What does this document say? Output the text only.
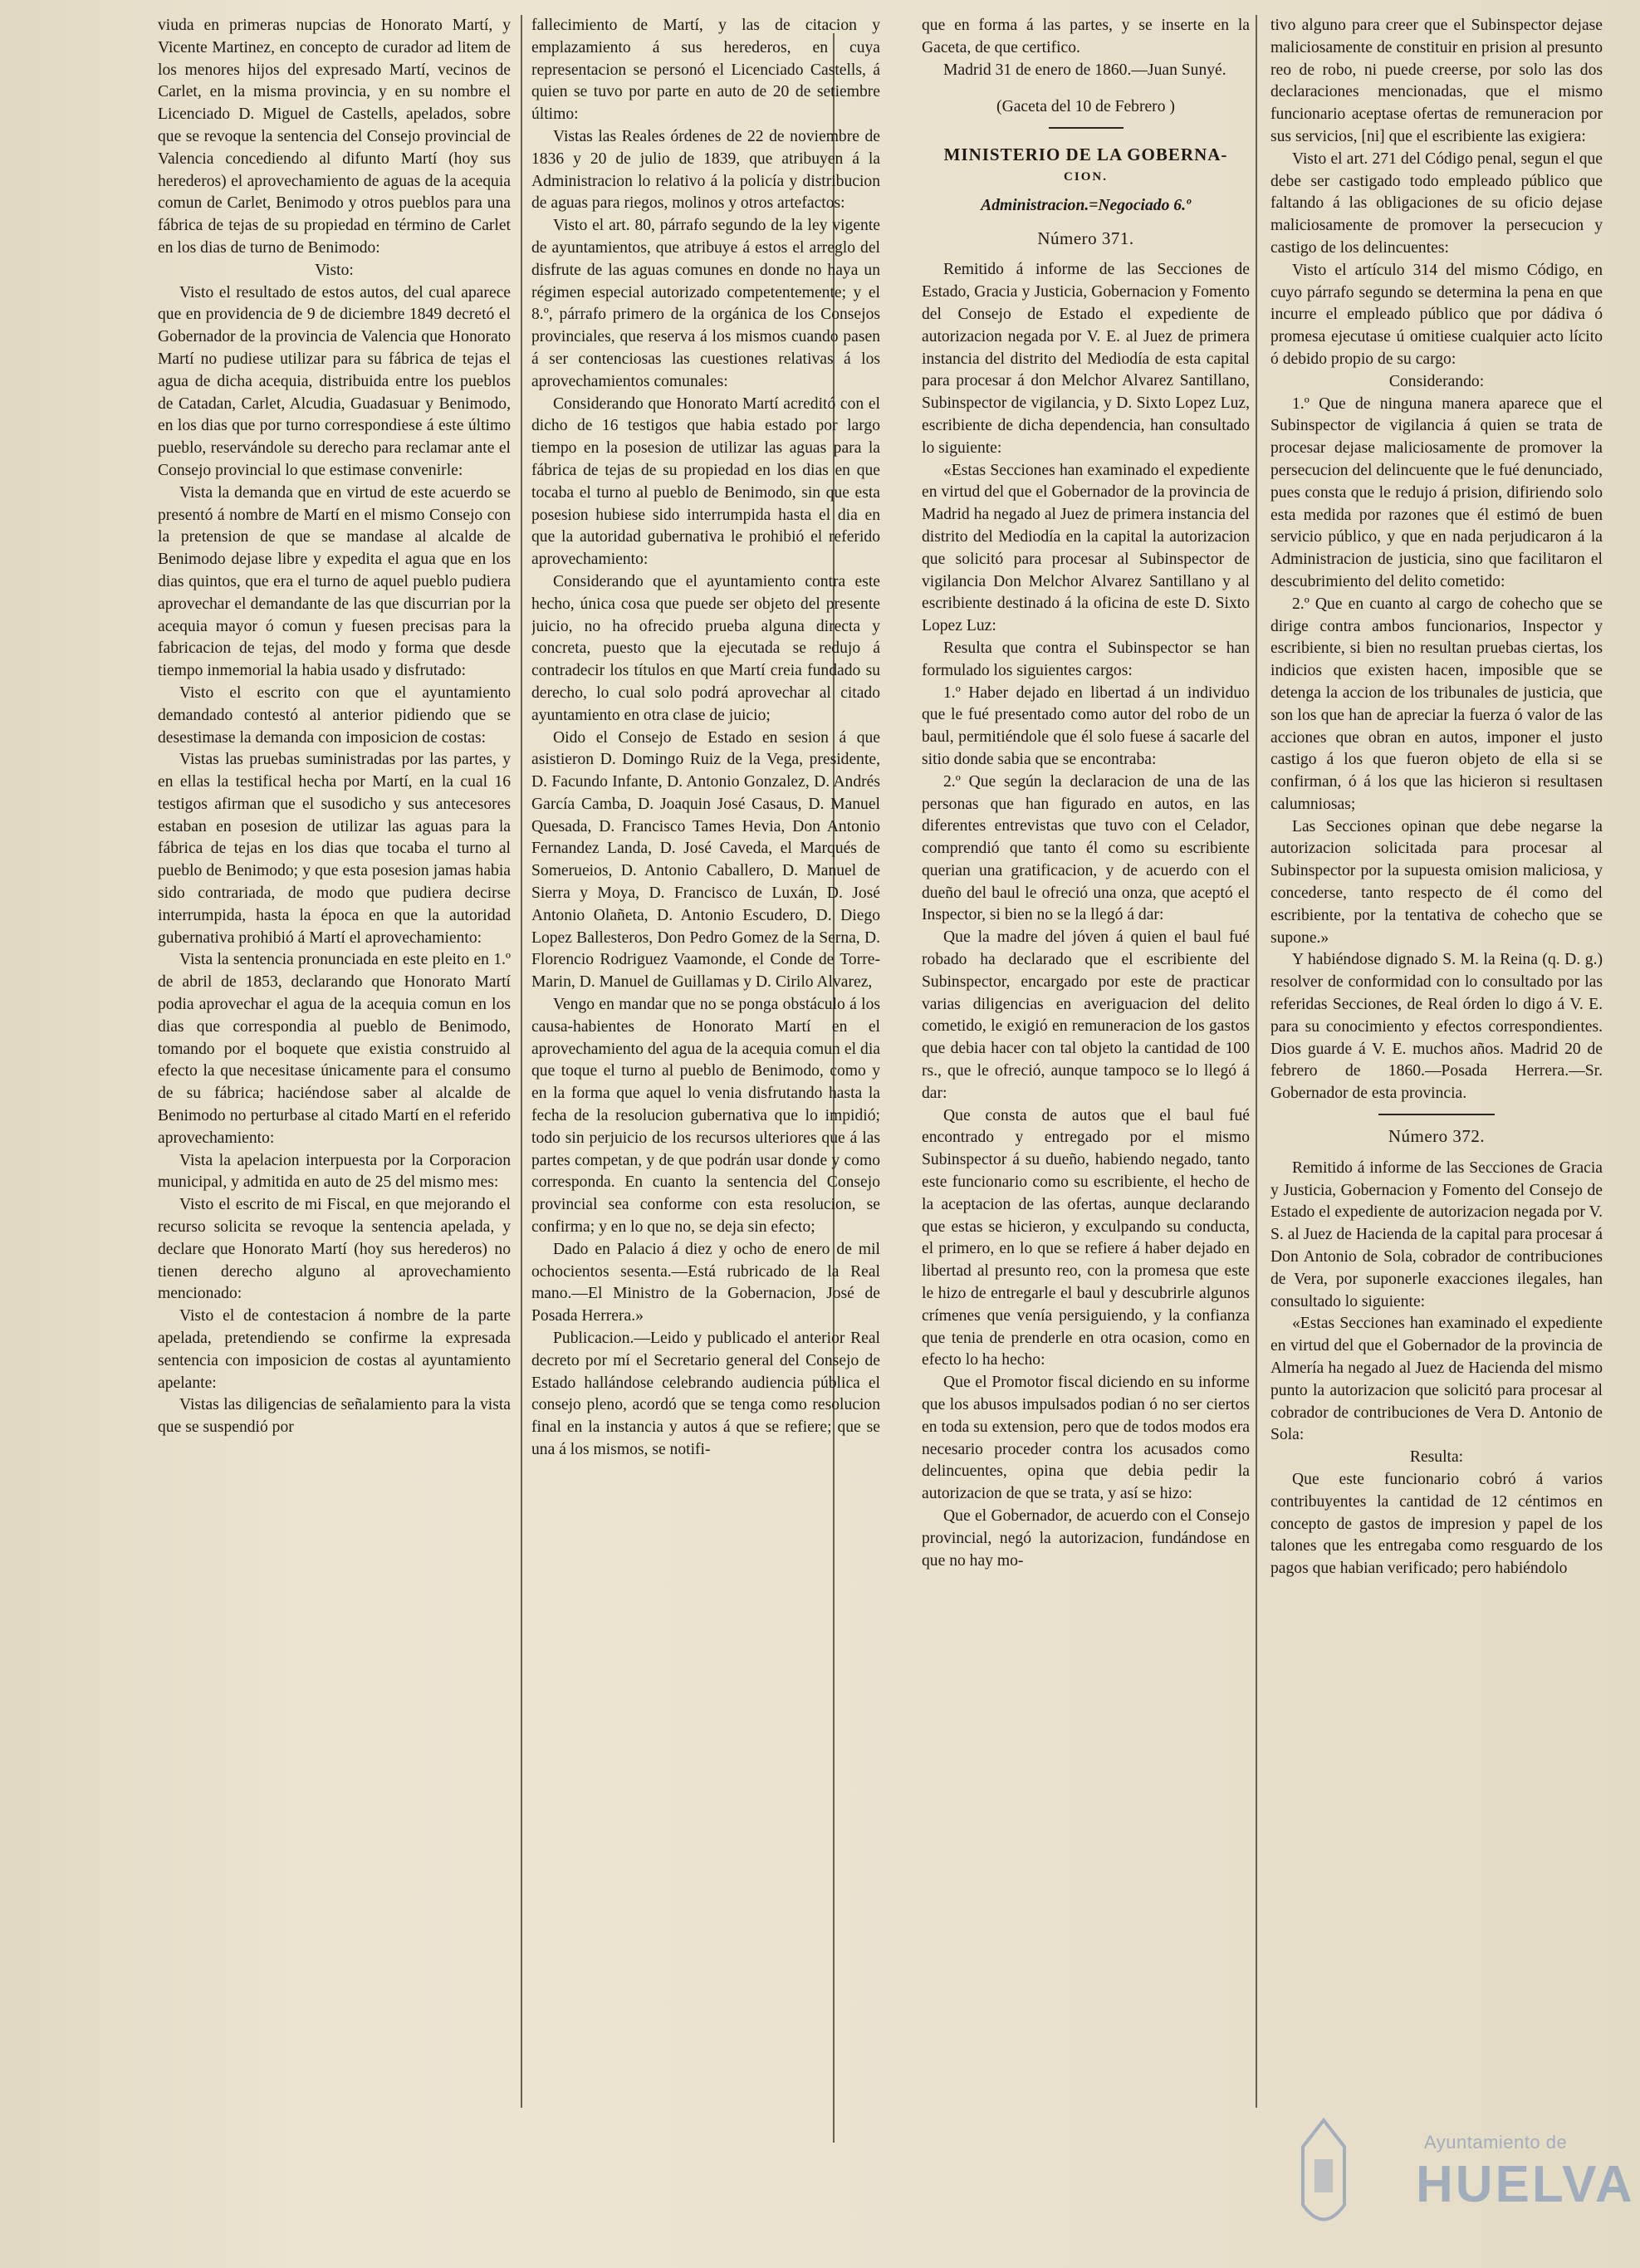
viuda en primeras nupcias de Honorato Martí, y Vicente Martinez, en concepto de curador ad litem de los menores hijos del expresado Martí, vecinos de Carlet, en la misma provincia, y en su nombre el Licenciado D. Miguel de Castells, apelados, sobre que se revoque la sentencia del Consejo provincial de Valencia concediendo al difunto Martí (hoy sus herederos) el aprovechamiento de aguas de la acequia comun de Carlet, Benimodo y otros pueblos para una fábrica de tejas de su propiedad en término de Carlet en los dias de turno de Benimodo:

Visto:

Visto el resultado de estos autos, del cual aparece que en providencia de 9 de diciembre 1849 decretó el Gobernador de la provincia de Valencia que Honorato Martí no pudiese utilizar para su fábrica de tejas el agua de dicha acequia, distribuida entre los pueblos de Catadan, Carlet, Alcudia, Guadasuar y Benimodo, en los dias que por turno correspondiese á este último pueblo, reservándole su derecho para reclamar ante el Consejo provincial lo que estimase convenirle:

Vista la demanda que en virtud de este acuerdo se presentó á nombre de Martí en el mismo Consejo con la pretension de que se mandase al alcalde de Benimodo dejase libre y expedita el agua que en los dias quintos, que era el turno de aquel pueblo pudiera aprovechar el demandante de las que discurrian por la acequia mayor ó comun y fuesen precisas para la fabricacion de tejas, del modo y forma que desde tiempo inmemorial la habia usado y disfrutado:

Visto el escrito con que el ayuntamiento demandado contestó al anterior pidiendo que se desestimase la demanda con imposicion de costas:

Vistas las pruebas suministradas por las partes, y en ellas la testifical hecha por Martí, en la cual 16 testigos afirman que el susodicho y sus antecesores estaban en posesion de utilizar las aguas para la fábrica de tejas en los dias que tocaba el turno al pueblo de Benimodo; y que esta posesion jamas habia sido contrariada, de modo que pudiera decirse interrumpida, hasta la época en que la autoridad gubernativa prohibió á Martí el aprovechamiento:

Vista la sentencia pronunciada en este pleito en 1.º de abril de 1853, declarando que Honorato Martí podia aprovechar el agua de la acequia comun en los dias que correspondia al pueblo de Benimodo, tomando por el boquete que existia construido al efecto la que necesitase únicamente para el consumo de su fábrica; haciéndose saber al alcalde de Benimodo no perturbase al citado Martí en el referido aprovechamiento:

Vista la apelacion interpuesta por la Corporacion municipal, y admitida en auto de 25 del mismo mes:

Visto el escrito de mi Fiscal, en que mejorando el recurso solicita se revoque la sentencia apelada, y declare que Honorato Martí (hoy sus herederos) no tienen derecho alguno al aprovechamiento mencionado:

Visto el de contestacion á nombre de la parte apelada, pretendiendo se confirme la expresada sentencia con imposicion de costas al ayuntamiento apelante:

Vistas las diligencias de señalamiento para la vista que se suspendió por

fallecimiento de Martí, y las de citacion y emplazamiento á sus herederos, en cuya representacion se personó el Licenciado Castells, á quien se tuvo por parte en auto de 20 de setiembre último:

Vistas las Reales órdenes de 22 de noviembre de 1836 y 20 de julio de 1839, que atribuyen á la Administracion lo relativo á la policía y distribucion de aguas para riegos, molinos y otros artefactos:

Visto el art. 80, párrafo segundo de la ley vigente de ayuntamientos, que atribuye á estos el arreglo del disfrute de las aguas comunes en donde no haya un régimen especial autorizado competentemente; y el 8.º, párrafo primero de la orgánica de los Consejos provinciales, que reserva á los mismos cuando pasen á ser contenciosas las cuestiones relativas á los aprovechamientos comunales:

Considerando que Honorato Martí acreditó con el dicho de 16 testigos que habia estado por largo tiempo en la posesion de utilizar las aguas para la fábrica de tejas de su propiedad en los dias en que tocaba el turno al pueblo de Benimodo, sin que esta posesion hubiese sido interrumpida hasta el dia en que la autoridad gubernativa le prohibió el referido aprovechamiento:

Considerando que el ayuntamiento contra este hecho, única cosa que puede ser objeto del presente juicio, no ha ofrecido prueba alguna directa y concreta, puesto que la ejecutada se redujo á contradecir los títulos en que Martí creia fundado su derecho, lo cual solo podrá aprovechar al citado ayuntamiento en otra clase de juicio;

Oido el Consejo de Estado en sesion á que asistieron D. Domingo Ruiz de la Vega, presidente, D. Facundo Infante, D. Antonio Gonzalez, D. Andrés García Camba, D. Joaquin José Casaus, D. Manuel Quesada, D. Francisco Tames Hevia, Don Antonio Fernandez Landa, D. José Caveda, el Marqués de Somerueios, D. Antonio Caballero, D. Manuel de Sierra y Moya, D. Francisco de Luxán, D. José Antonio Olañeta, D. Antonio Escudero, D. Diego Lopez Ballesteros, Don Pedro Gomez de la Serna, D. Florencio Rodriguez Vaamonde, el Conde de Torre-Marin, D. Manuel de Guillamas y D. Cirilo Alvarez,

Vengo en mandar que no se ponga obstáculo á los causa-habientes de Honorato Martí en el aprovechamiento del agua de la acequia comun el dia que toque el turno al pueblo de Benimodo, como y en la forma que aquel lo venia disfrutando hasta la fecha de la resolucion gubernativa que lo impidió; todo sin perjuicio de los recursos ulteriores que á las partes competan, y de que podrán usar donde y como corresponda. En cuanto la sentencia del Consejo provincial sea conforme con esta resolucion, se confirma; y en lo que no, se deja sin efecto;

Dado en Palacio á diez y ocho de enero de mil ochocientos sesenta.—Está rubricado de la Real mano.—El Ministro de la Gobernacion, José de Posada Herrera.»

Publicacion.—Leido y publicado el anterior Real decreto por mí el Secretario general del Consejo de Estado hallándose celebrando audiencia pública el consejo pleno, acordó que se tenga como resolucion final en la instancia y autos á que se refiere; que se una á los mismos, se notifi-

que en forma á las partes, y se inserte en la Gaceta, de que certifico.

Madrid 31 de enero de 1860.—Juan Sunyé.

(Gaceta del 10 de Febrero )

MINISTERIO DE LA GOBERNA-
CION.
Administracion.=Negociado 6.º
Número 371.

Remitido á informe de las Secciones de Estado, Gracia y Justicia, Gobernacion y Fomento del Consejo de Estado el expediente de autorizacion negada por V. E. al Juez de primera instancia del distrito del Mediodía de esta capital para procesar á don Melchor Alvarez Santillano, Subinspector de vigilancia, y D. Sixto Lopez Luz, escribiente de dicha dependencia, han consultado lo siguiente:

«Estas Secciones han examinado el expediente en virtud del que el Gobernador de la provincia de Madrid ha negado al Juez de primera instancia del distrito del Mediodía en la capital la autorizacion que solicitó para procesar al Subinspector de vigilancia Don Melchor Alvarez Santillano y al escribiente destinado á la oficina de este D. Sixto Lopez Luz:

Resulta que contra el Subinspector se han formulado los siguientes cargos:

1.º Haber dejado en libertad á un individuo que le fué presentado como autor del robo de un baul, permitiéndole que él solo fuese á sacarle del sitio donde sabia que se encontraba:

2.º Que según la declaracion de una de las personas que han figurado en autos, en las diferentes entrevistas que tuvo con el Celador, comprendió que tanto él como su escribiente querian una gratificacion, y de acuerdo con el dueño del baul le ofreció una onza, que aceptó el Inspector, si bien no se la llegó á dar:

Que la madre del jóven á quien el baul fué robado ha declarado que el escribiente del Subinspector, encargado por este de practicar varias diligencias en averiguacion del delito cometido, le exigió en remuneracion de los gastos que debia hacer con tal objeto la cantidad de 100 rs., que le ofreció, aunque tampoco se lo llegó á dar:

Que consta de autos que el baul fué encontrado y entregado por el mismo Subinspector á su dueño, habiendo negado, tanto este funcionario como su escribiente, el hecho de la aceptacion de las ofertas, aunque declarando que estas se hicieron, y exculpando su conducta, el primero, en lo que se refiere á haber dejado en libertad al presunto reo, con la promesa que este le hizo de entregarle el baul y descubrirle algunos crímenes que venía persiguiendo, y la confianza que tenia de prenderle en otra ocasion, como en efecto lo ha hecho:

Que el Promotor fiscal diciendo en su informe que los abusos impulsados podian ó no ser ciertos en toda su extension, pero que de todos modos era necesario proceder contra los acusados como delincuentes, opina que debia pedir la autorizacion de que se trata, y así se hizo:

Que el Gobernador, de acuerdo con el Consejo provincial, negó la autorizacion, fundándose en que no hay mo-

tivo alguno para creer que el Subinspector dejase maliciosamente de constituir en prision al presunto reo de robo, ni puede creerse, por solo las dos declaraciones mencionadas, que el mismo funcionario aceptase ofertas de remuneracion por sus servicios, [ni] que el escribiente las exigiera:

Visto el art. 271 del Código penal, segun el que debe ser castigado todo empleado público que faltando á las obligaciones de su oficio dejase maliciosamente de promover la persecucion y castigo de los delincuentes:

Visto el artículo 314 del mismo Código, en cuyo párrafo segundo se determina la pena en que incurre el empleado público que por dádiva ó promesa ejecutase ú omitiese cualquier acto lícito ó debido propio de su cargo:

Considerando:

1.º Que de ninguna manera aparece que el Subinspector de vigilancia á quien se trata de procesar dejase maliciosamente de promover la persecucion del delincuente que le fué denunciado, pues consta que le redujo á prision, difiriendo solo esta medida por razones que él estimó de buen servicio público, y que en nada perjudicaron á la Administracion de justicia, sino que facilitaron el descubrimiento del delito cometido:

2.º Que en cuanto al cargo de cohecho que se dirige contra ambos funcionarios, Inspector y escribiente, si bien no resultan pruebas ciertas, los indicios que existen hacen, imposible que se detenga la accion de los tribunales de justicia, que son los que han de apreciar la fuerza ó valor de las acciones que obran en autos, imponer el justo castigo á los que fueron objeto de ella si se confirman, ó á los que las hicieron si resultasen calumniosas;

Las Secciones opinan que debe negarse la autorizacion solicitada para procesar al Subinspector por la supuesta omision maliciosa, y concederse, tanto respecto de él como del escribiente, por la tentativa de cohecho que se supone.»

Y habiéndose dignado S. M. la Reina (q. D. g.) resolver de conformidad con lo consultado por las referidas Secciones, de Real órden lo digo á V. E. para su conocimiento y efectos correspondientes. Dios guarde á V. E. muchos años. Madrid 20 de febrero de 1860.—Posada Herrera.—Sr. Gobernador de esta provincia.

Número 372.

Remitido á informe de las Secciones de Gracia y Justicia, Gobernacion y Fomento del Consejo de Estado el expediente de autorizacion negada por V. S. al Juez de Hacienda de la capital para procesar á Don Antonio de Sola, cobrador de contribuciones de Vera, por suponerle exacciones ilegales, han consultado lo siguiente:

«Estas Secciones han examinado el expediente en virtud del que el Gobernador de la provincia de Almería ha negado al Juez de Hacienda del mismo punto la autorizacion que solicitó para procesar al cobrador de contribuciones de Vera D. Antonio de Sola:

Resulta:

Que este funcionario cobró á varios contribuyentes la cantidad de 12 céntimos en concepto de gastos de impresion y papel de los talones que les entregaba como resguardo de los pagos que habian verificado; pero habiéndolo

Ayuntamiento de
HUELVA
